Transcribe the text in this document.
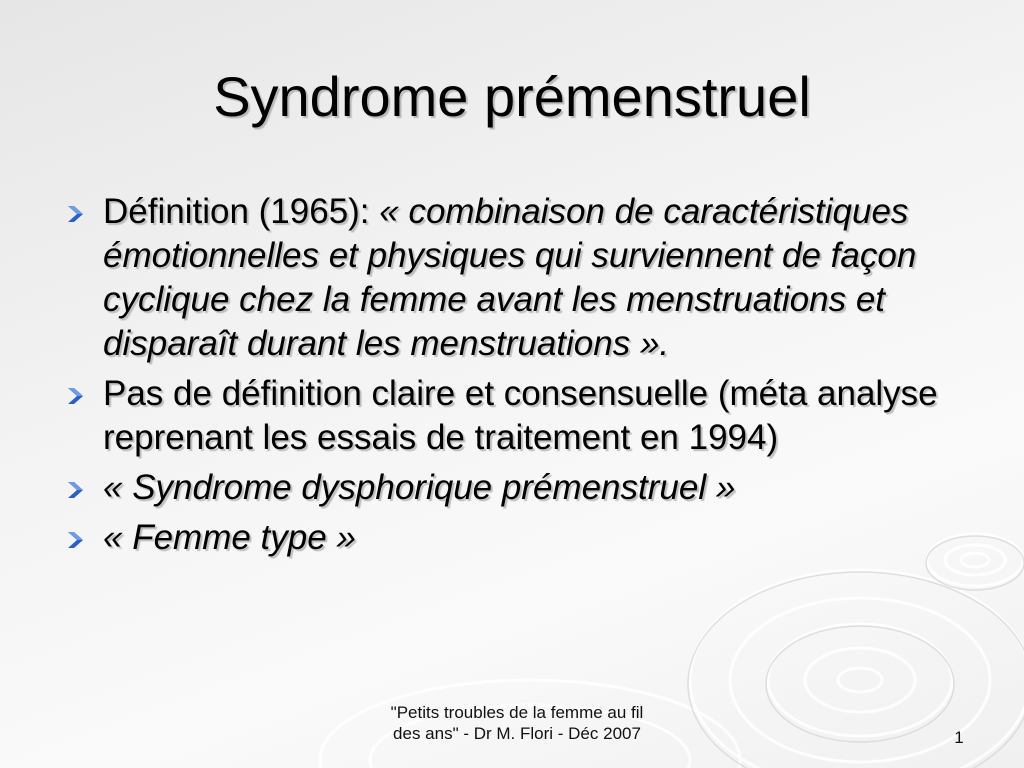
Syndrome prémenstruel
Définition (1965): « combinaison de caractéristiques émotionnelles et physiques qui surviennent de façon cyclique chez la femme avant les menstruations et disparaît durant les menstruations ».
Pas de définition claire et consensuelle (méta analyse reprenant les essais de traitement en 1994)
« Syndrome dysphorique prémenstruel »
« Femme type »
"Petits troubles de la femme au fil
des ans" - Dr M. Flori - Déc 2007	1
